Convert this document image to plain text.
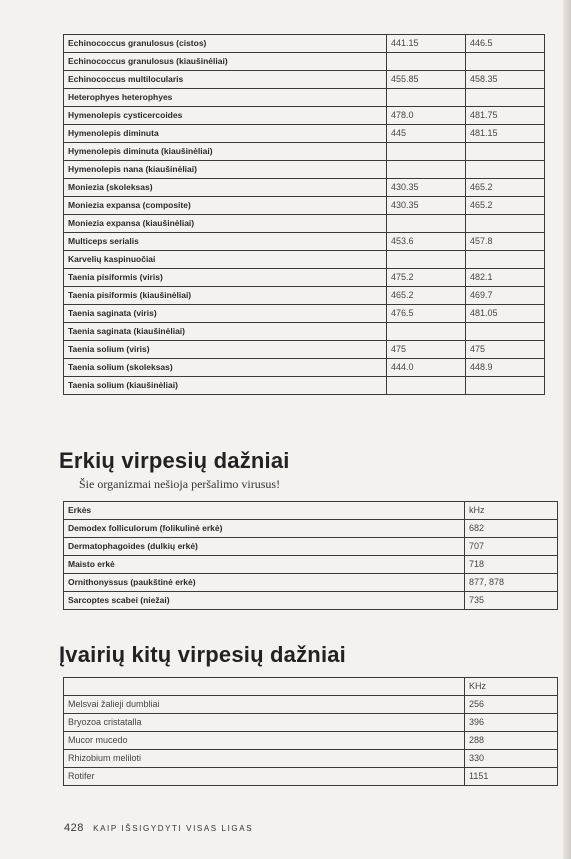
Echinococcus granulosus (cistos)	441.15	446.5
Echinococcus granulosus (kiaušinėliai)		
Echinococcus multilocularis	455.85	458.35
Heterophyes heterophyes		
Hymenolepis cysticercoides	478.0	481.75
Hymenolepis diminuta	445	481.15
Hymenolepis diminuta (kiaušinėliai)		
Hymenolepis nana (kiaušinėliai)		
Moniezia (skoleksas)	430.35	465.2
Moniezia expansa (composite)	430.35	465.2
Moniezia expansa (kiaušinėliai)		
Multiceps serialis	453.6	457.8
Karvelių kaspinuočiai		
Taenia pisiformis (viris)	475.2	482.1
Taenia pisiformis (kiaušinėliai)	465.2	469.7
Taenia saginata (viris)	476.5	481.05
Taenia saginata (kiaušinėliai)		
Taenia solium (viris)	475	475
Taenia solium (skoleksas)	444.0	448.9
Taenia solium (kiaušinėliai)		
Erkių virpesių dažniai
Šie organizmai nešioja peršalimo virusus!
Erkės	kHz
Demodex folliculorum (folikulinė erkė)	682
Dermatophagoides (dulkių erkė)	707
Maisto erkė	718
Ornithonyssus (paukštinė erkė)	877, 878
Sarcoptes scabei (niežai)	735
Įvairių kitų virpesių dažniai
	KHz
Melsvai žalieji dumbliai	256
Bryozoa cristatalla	396
Mucor mucedo	288
Rhizobium meliloti	330
Rotifer	1151
428 KAIP IŠSIGYDYTI VISAS LIGAS
